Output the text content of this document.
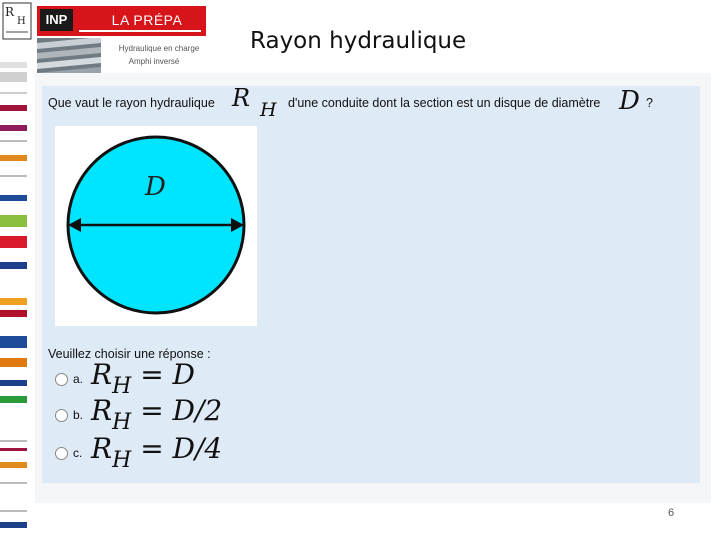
R
H	INP	LA PRÉPA
Hydraulique en charge
Amphi inversé
Rayon hydraulique
Que vaut le rayon hydraulique R H d'une conduite dont la section est un disque de diamètre D ?
D
Veuillez choisir une réponse :
a. $R_H = D$
b. $R_H = D/2$
c. $R_H = D/4$
6
